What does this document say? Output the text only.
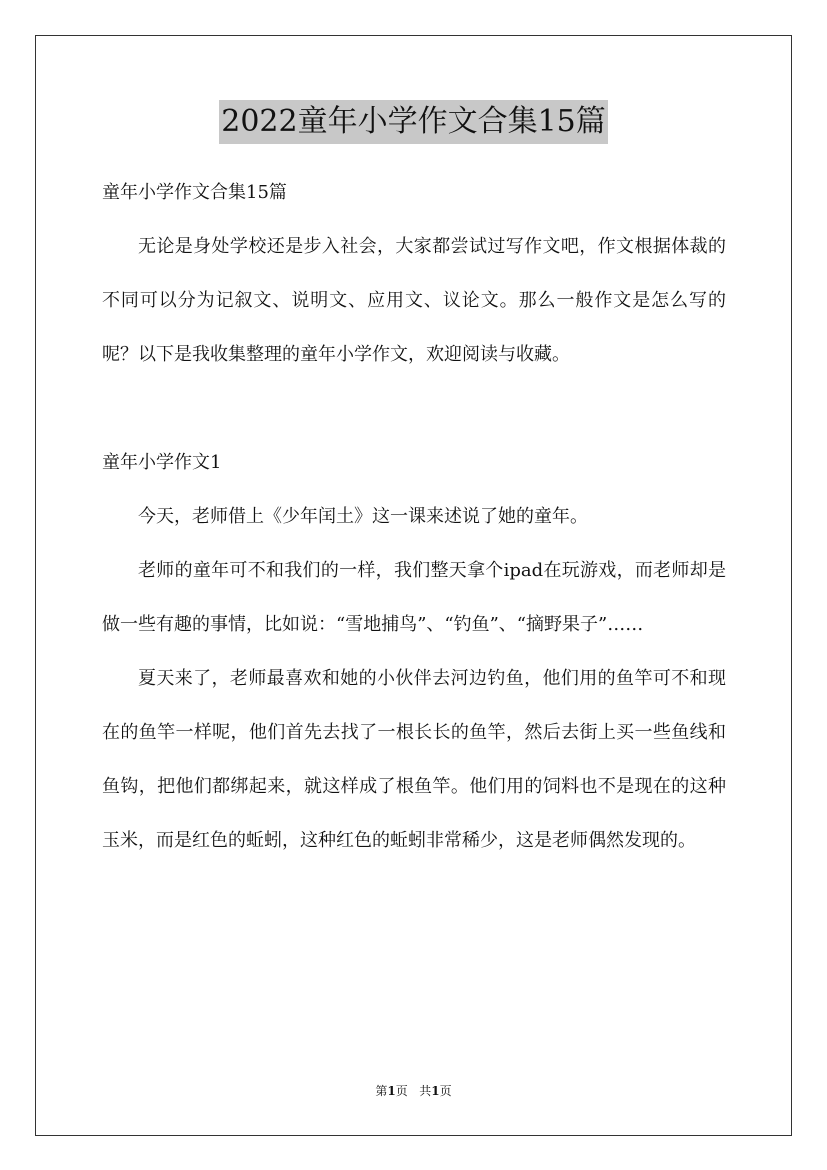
2022童年小学作文合集15篇

童年小学作文合集15篇

无论是身处学校还是步入社会，大家都尝试过写作文吧，作文根据体裁的不同可以分为记叙文、说明文、应用文、议论文。那么一般作文是怎么写的呢？以下是我收集整理的童年小学作文，欢迎阅读与收藏。

童年小学作文1

今天，老师借上《少年闰土》这一课来述说了她的童年。

老师的童年可不和我们的一样，我们整天拿个ipad在玩游戏，而老师却是做一些有趣的事情，比如说：“雪地捕鸟”、“钓鱼”、“摘野果子”……

夏天来了，老师最喜欢和她的小伙伴去河边钓鱼，他们用的鱼竿可不和现在的鱼竿一样呢，他们首先去找了一根长长的鱼竿，然后去街上买一些鱼线和鱼钩，把他们都绑起来，就这样成了根鱼竿。他们用的饲料也不是现在的这种玉米，而是红色的蚯蚓，这种红色的蚯蚓非常稀少，这是老师偶然发现的。

第1页 共1页
